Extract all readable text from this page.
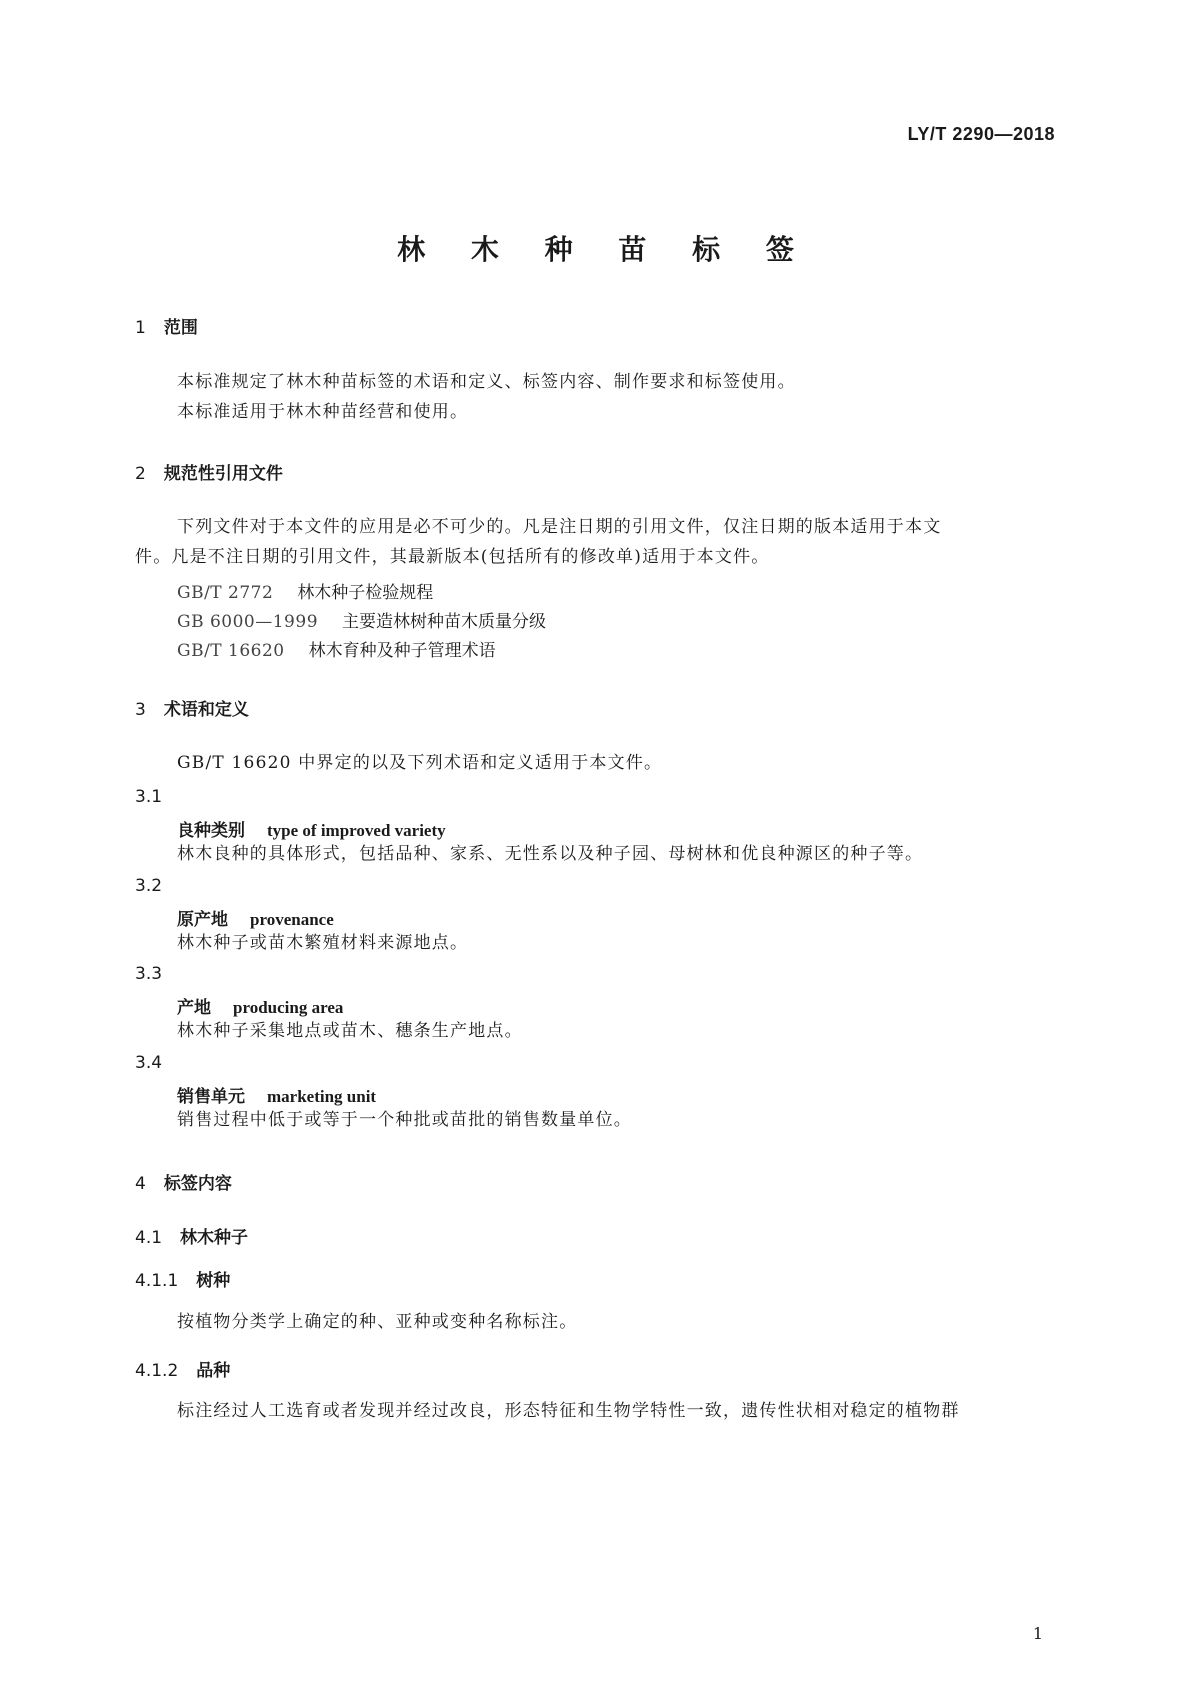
LY/T 2290—2018
林 木 种 苗 标 签
1 范围
本标准规定了林木种苗标签的术语和定义、标签内容、制作要求和标签使用。
本标准适用于林木种苗经营和使用。
2 规范性引用文件
下列文件对于本文件的应用是必不可少的。凡是注日期的引用文件，仅注日期的版本适用于本文
件。凡是不注日期的引用文件，其最新版本(包括所有的修改单)适用于本文件。
GB/T 2772 林木种子检验规程
GB 6000—1999 主要造林树种苗木质量分级
GB/T 16620 林木育种及种子管理术语
3 术语和定义
GB/T 16620 中界定的以及下列术语和定义适用于本文件。
3.1
良种类别 type of improved variety
林木良种的具体形式，包括品种、家系、无性系以及种子园、母树林和优良种源区的种子等。
3.2
原产地 provenance
林木种子或苗木繁殖材料来源地点。
3.3
产地 producing area
林木种子采集地点或苗木、穗条生产地点。
3.4
销售单元 marketing unit
销售过程中低于或等于一个种批或苗批的销售数量单位。
4 标签内容
4.1 林木种子
4.1.1 树种
按植物分类学上确定的种、亚种或变种名称标注。
4.1.2 品种
标注经过人工选育或者发现并经过改良，形态特征和生物学特性一致，遗传性状相对稳定的植物群
1
